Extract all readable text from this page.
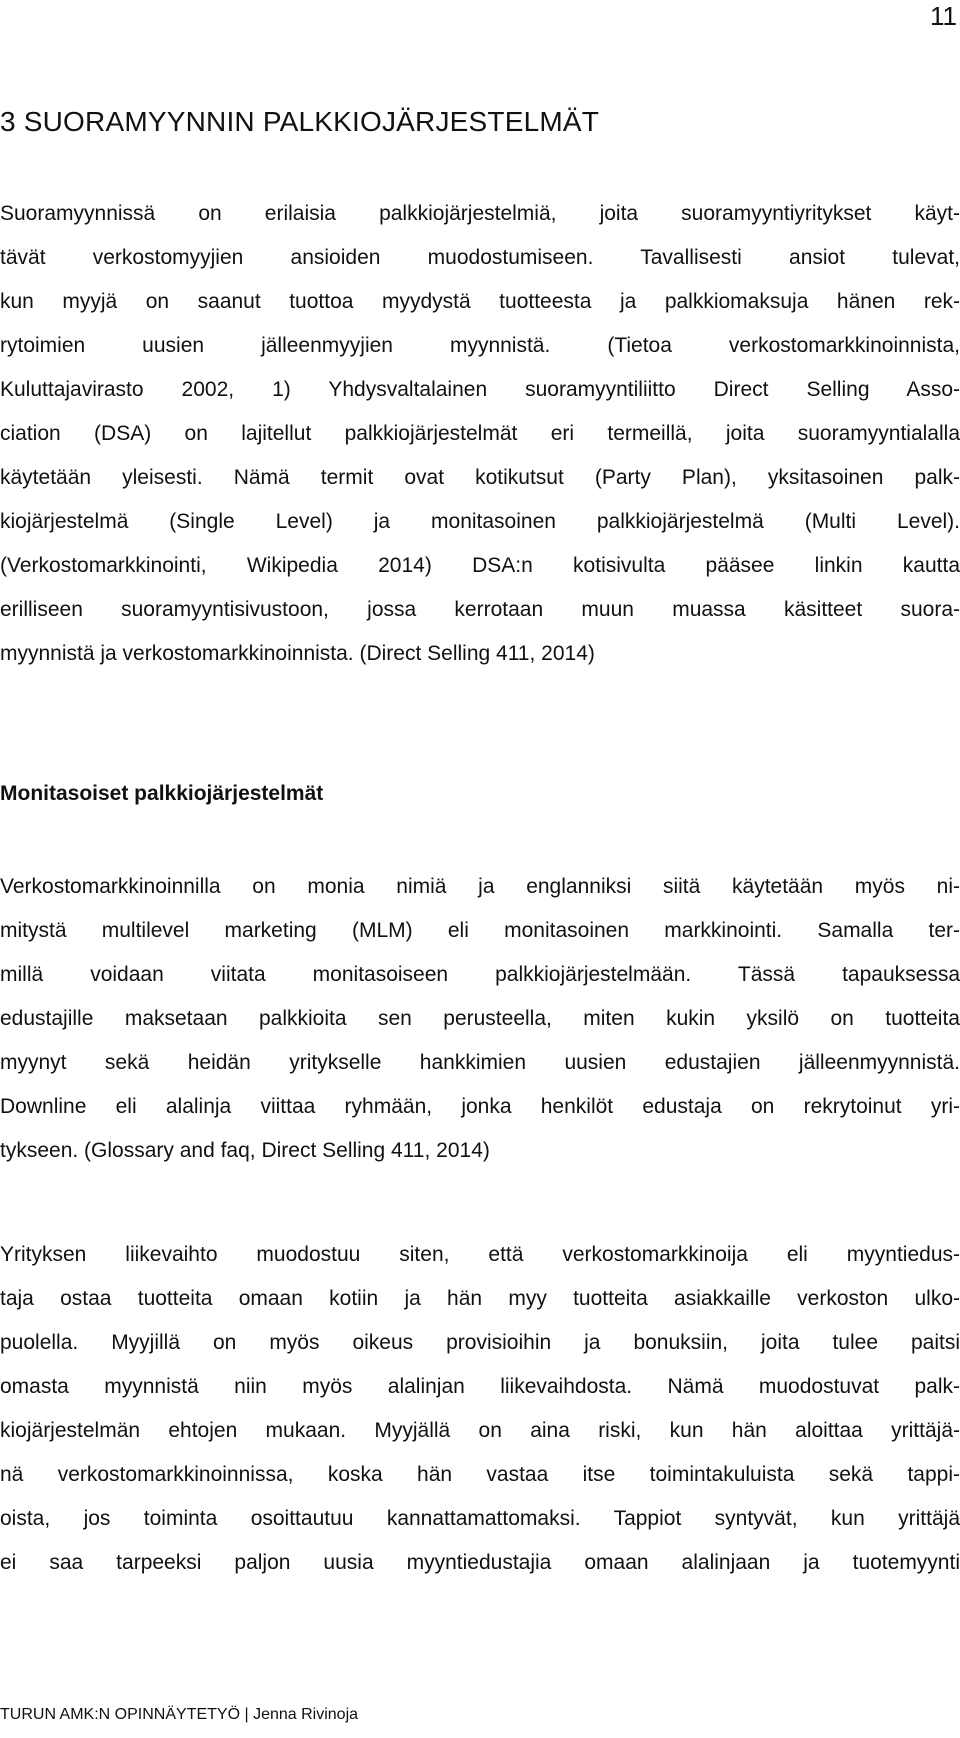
11
3 SUORAMYYNNIN PALKKIOJÄRJESTELMÄT
Suoramyynnissä on erilaisia palkkiojärjestelmiä, joita suoramyyntiyritykset käyt-
tävät verkostomyyjien ansioiden muodostumiseen. Tavallisesti ansiot tulevat,
kun myyjä on saanut tuottoa myydystä tuotteesta ja palkkiomaksuja hänen rek-
rytoimien uusien jälleenmyyjien myynnistä. (Tietoa verkostomarkkinoinnista,
Kuluttajavirasto 2002, 1) Yhdysvaltalainen suoramyyntiliitto Direct Selling Asso-
ciation (DSA) on lajitellut palkkiojärjestelmät eri termeillä, joita suoramyyntialalla
käytetään yleisesti. Nämä termit ovat kotikutsut (Party Plan), yksitasoinen palk-
kiojärjestelmä (Single Level) ja monitasoinen palkkiojärjestelmä (Multi Level).
(Verkostomarkkinointi, Wikipedia 2014) DSA:n kotisivulta pääsee linkin kautta
erilliseen suoramyyntisivustoon, jossa kerrotaan muun muassa käsitteet suora-
myynnistä ja verkostomarkkinoinnista. (Direct Selling 411, 2014)
Monitasoiset palkkiojärjestelmät
Verkostomarkkinoinnilla on monia nimiä ja englanniksi siitä käytetään myös ni-
mitystä multilevel marketing (MLM) eli monitasoinen markkinointi. Samalla ter-
millä voidaan viitata monitasoiseen palkkiojärjestelmään. Tässä tapauksessa
edustajille maksetaan palkkioita sen perusteella, miten kukin yksilö on tuotteita
myynyt sekä heidän yritykselle hankkimien uusien edustajien jälleenmyynnistä.
Downline eli alalinja viittaa ryhmään, jonka henkilöt edustaja on rekrytoinut yri-
tykseen. (Glossary and faq, Direct Selling 411, 2014)
Yrityksen liikevaihto muodostuu siten, että verkostomarkkinoija eli myyntiedus-
taja ostaa tuotteita omaan kotiin ja hän myy tuotteita asiakkaille verkoston ulko-
puolella. Myyjillä on myös oikeus provisioihin ja bonuksiin, joita tulee paitsi
omasta myynnistä niin myös alalinjan liikevaihdosta. Nämä muodostuvat palk-
kiojärjestelmän ehtojen mukaan. Myyjällä on aina riski, kun hän aloittaa yrittäjä-
nä verkostomarkkinoinnissa, koska hän vastaa itse toimintakuluista sekä tappi-
oista, jos toiminta osoittautuu kannattamattomaksi. Tappiot syntyvät, kun yrittäjä
ei saa tarpeeksi paljon uusia myyntiedustajia omaan alalinjaan ja tuotemyynti
TURUN AMK:N OPINNÄYTETYÖ | Jenna Rivinoja
